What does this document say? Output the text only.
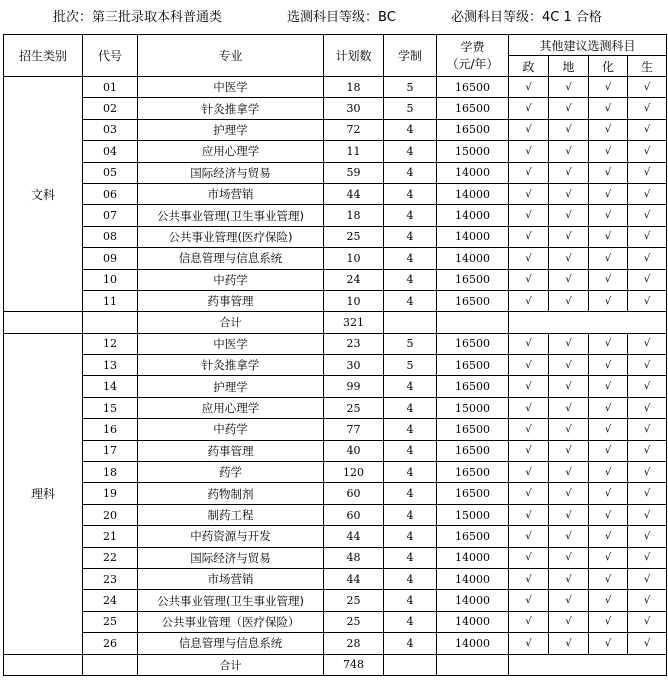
批次：第三批录取本科普通类	选测科目等级：BC	必测科目等级：4C 1 合格
招生类别	代号	专业	计划数	学制	学费
（元/年）	其他建议选测科目			
						政	地	化	生
文科	01	中医学	18	5	16500	√	√	√	√
	02	针灸推拿学	30	5	16500	√	√	√	√
	03	护理学	72	4	16500	√	√	√	√
	04	应用心理学	11	4	15000	√	√	√	√
	05	国际经济与贸易	59	4	14000	√	√	√	√
	06	市场营销	44	4	14000	√	√	√	√
	07	公共事业管理(卫生事业管理)	18	4	14000	√	√	√	√
	08	公共事业管理(医疗保险)	25	4	14000	√	√	√	√
	09	信息管理与信息系统	10	4	14000	√	√	√	√
	10	中药学	24	4	16500	√	√	√	√
	11	药事管理	10	4	16500	√	√	√	√
		合计	321						
理科	12	中医学	23	5	16500	√	√	√	√
	13	针灸推拿学	30	5	16500	√	√	√	√
	14	护理学	99	4	16500	√	√	√	√
	15	应用心理学	25	4	15000	√	√	√	√
	16	中药学	77	4	16500	√	√	√	√
	17	药事管理	40	4	16500	√	√	√	√
	18	药学	120	4	16500	√	√	√	√
	19	药物制剂	60	4	16500	√	√	√	√
	20	制药工程	60	4	15000	√	√	√	√
	21	中药资源与开发	44	4	16500	√	√	√	√
	22	国际经济与贸易	48	4	14000	√	√	√	√
	23	市场营销	44	4	14000	√	√	√	√
	24	公共事业管理(卫生事业管理)	25	4	14000	√	√	√	√
	25	公共事业管理（医疗保险）	25	4	14000	√	√	√	√
	26	信息管理与信息系统	28	4	14000	√	√	√	√
		合计	748						
